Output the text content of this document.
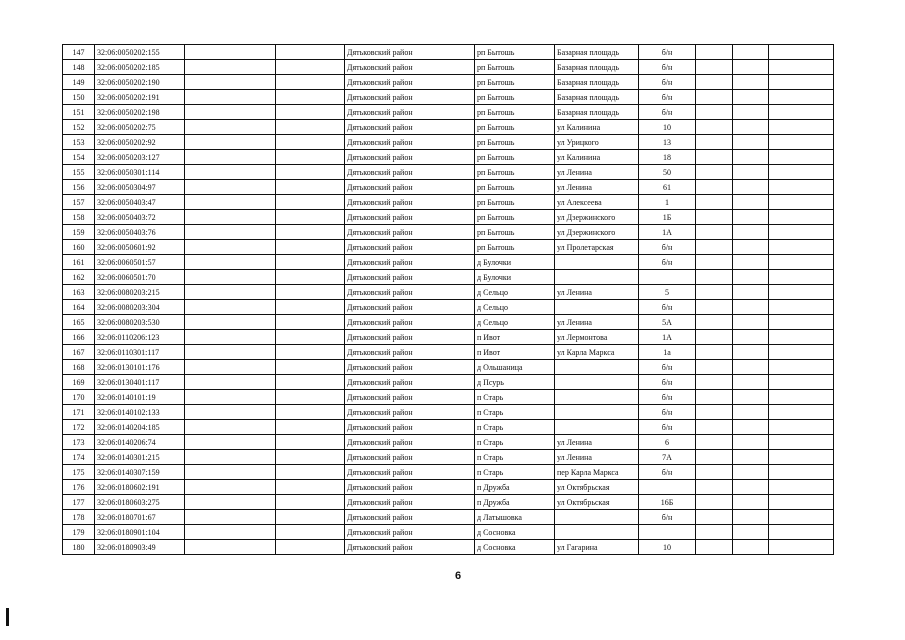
147	32:06:0050202:155			Дятьковский район	рп Бытошь	Базарная площадь	б/н			
148	32:06:0050202:185			Дятьковский район	рп Бытошь	Базарная площадь	б/н			
149	32:06:0050202:190			Дятьковский район	рп Бытошь	Базарная площадь	б/н			
150	32:06:0050202:191			Дятьковский район	рп Бытошь	Базарная площадь	б/н			
151	32:06:0050202:198			Дятьковский район	рп Бытошь	Базарная площадь	б/н			
152	32:06:0050202:75			Дятьковский район	рп Бытошь	ул Калинина	10			
153	32:06:0050202:92			Дятьковский район	рп Бытошь	ул Урицкого	13			
154	32:06:0050203:127			Дятьковский район	рп Бытошь	ул Калинина	18			
155	32:06:0050301:114			Дятьковский район	рп Бытошь	ул Ленина	50			
156	32:06:0050304:97			Дятьковский район	рп Бытошь	ул Ленина	61			
157	32:06:0050403:47			Дятьковский район	рп Бытошь	ул Алексеева	1			
158	32:06:0050403:72			Дятьковский район	рп Бытошь	ул Дзержинского	1Б			
159	32:06:0050403:76			Дятьковский район	рп Бытошь	ул Дзержинского	1А			
160	32:06:0050601:92			Дятьковский район	рп Бытошь	ул Пролетарская	б/н			
161	32:06:0060501:57			Дятьковский район	д Булочки		б/н			
162	32:06:0060501:70			Дятьковский район	д Булочки					
163	32:06:0080203:215			Дятьковский район	д Сельцо	ул Ленина	5			
164	32:06:0080203:304			Дятьковский район	д Сельцо		б/н			
165	32:06:0080203:530			Дятьковский район	д Сельцо	ул Ленина	5А			
166	32:06:0110206:123			Дятьковский район	п Ивот	ул Лермонтова	1А			
167	32:06:0110301:117			Дятьковский район	п Ивот	ул Карла Маркса	1а			
168	32:06:0130101:176			Дятьковский район	д Ольшаница		б/н			
169	32:06:0130401:117			Дятьковский район	д Псурь		б/н			
170	32:06:0140101:19			Дятьковский район	п Старь		б/н			
171	32:06:0140102:133			Дятьковский район	п Старь		б/н			
172	32:06:0140204:185			Дятьковский район	п Старь		б/н			
173	32:06:0140206:74			Дятьковский район	п Старь	ул Ленина	6			
174	32:06:0140301:215			Дятьковский район	п Старь	ул Ленина	7А			
175	32:06:0140307:159			Дятьковский район	п Старь	пер Карла Маркса	б/н			
176	32:06:0180602:191			Дятьковский район	п Дружба	ул Октябрьская				
177	32:06:0180603:275			Дятьковский район	п Дружба	ул Октябрьская	16Б			
178	32:06:0180701:67			Дятьковский район	д Латышовка		б/н			
179	32:06:0180901:104			Дятьковский район	д Сосновка					
180	32:06:0180903:49			Дятьковский район	д Сосновка	ул Гагарина	10			
6
